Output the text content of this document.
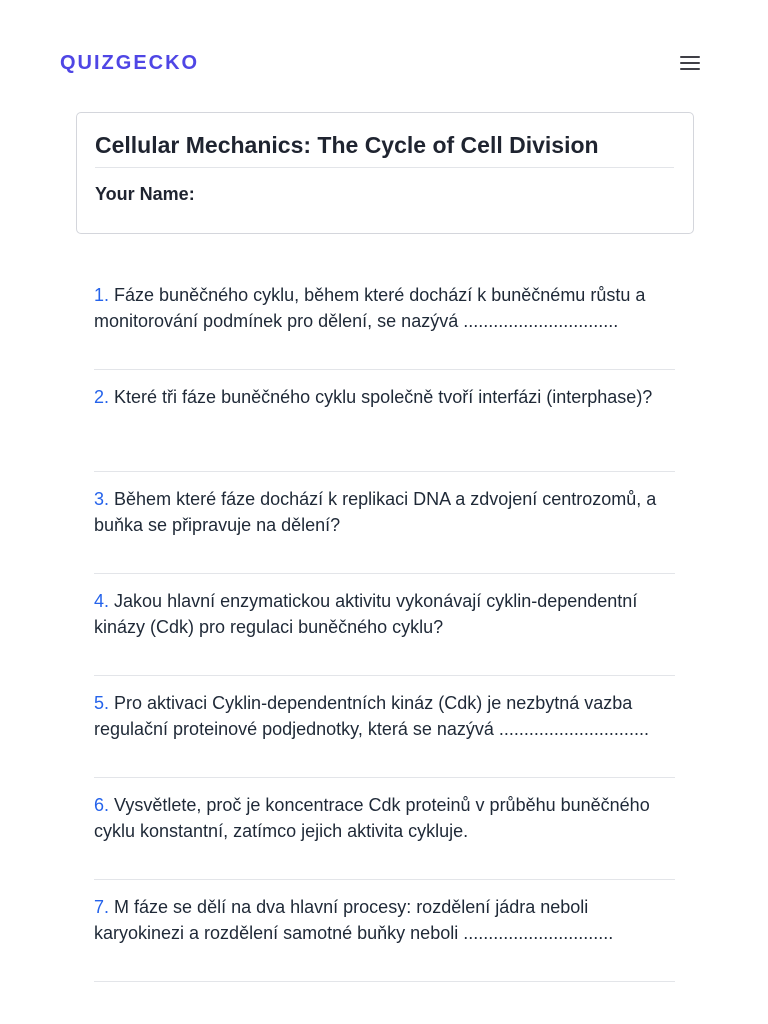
QUIZGECKO
Cellular Mechanics: The Cycle of Cell Division
Your Name:

1. Fáze buněčného cyklu, během které dochází k buněčnému růstu a monitorování podmínek pro dělení, se nazývá ...............................

2. Které tři fáze buněčného cyklu společně tvoří interfázi (interphase)?

3. Během které fáze dochází k replikaci DNA a zdvojení centrozomů, a buňka se připravuje na dělení?

4. Jakou hlavní enzymatickou aktivitu vykonávají cyklin-dependentní kinázy (Cdk) pro regulaci buněčného cyklu?

5. Pro aktivaci Cyklin-dependentních kináz (Cdk) je nezbytná vazba regulační proteinové podjednotky, která se nazývá ..............................

6. Vysvětlete, proč je koncentrace Cdk proteinů v průběhu buněčného cyklu konstantní, zatímco jejich aktivita cykluje.

7. M fáze se dělí na dva hlavní procesy: rozdělení jádra neboli karyokinezi a rozdělení samotné buňky neboli ..............................
